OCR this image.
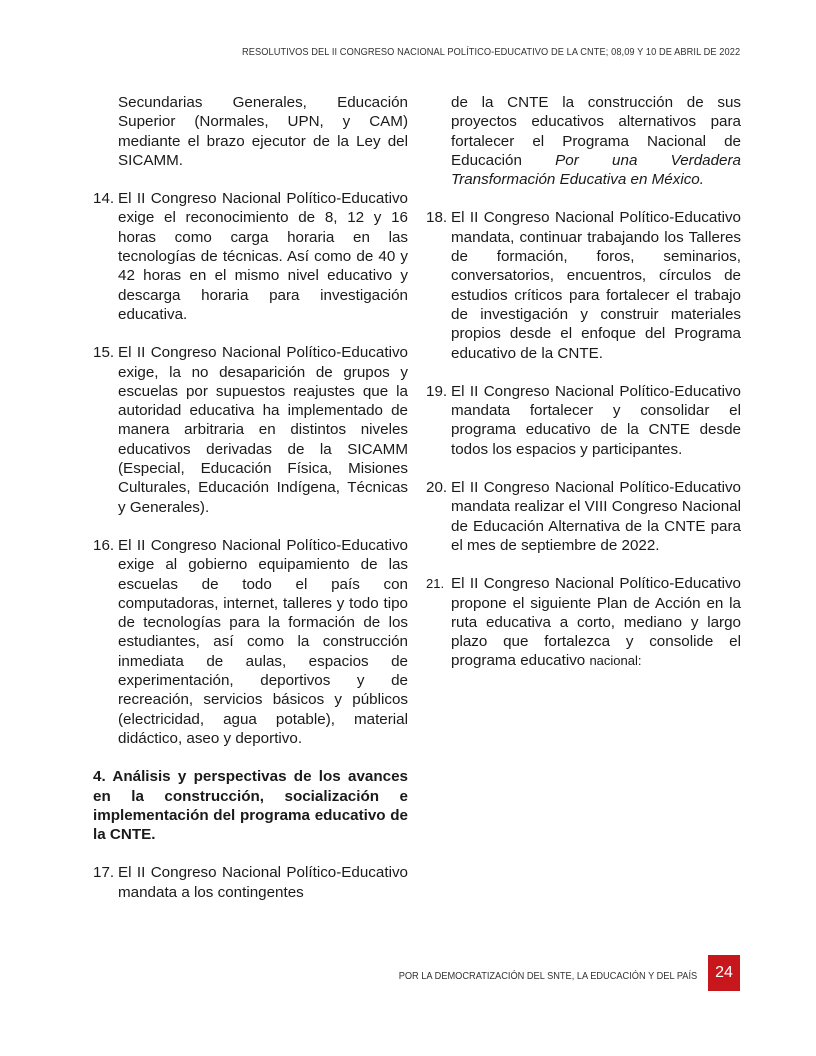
RESOLUTIVOS DEL II CONGRESO NACIONAL POLÍTICO-EDUCATIVO DE LA CNTE; 08,09 Y 10 DE ABRIL DE 2022

Secundarias Generales, Educación Superior (Normales, UPN, y CAM) mediante el brazo ejecutor de la Ley del SICAMM.

14. El II Congreso Nacional Político-Educativo exige el reconocimiento de 8, 12 y 16 horas como carga horaria en las tecnologías de técnicas. Así como de 40 y 42 horas en el mismo nivel educativo y descarga horaria para investigación educativa.

15. El II Congreso Nacional Político-Educativo exige, la no desaparición de grupos y escuelas por supuestos reajustes que la autoridad educativa ha implementado de manera arbitraria en distintos niveles educativos derivadas de la SICAMM (Especial, Educación Física, Misiones Culturales, Educación Indígena, Técnicas y Generales).

16. El II Congreso Nacional Político-Educativo exige al gobierno equipamiento de las escuelas de todo el país con computadoras, internet, talleres y todo tipo de tecnologías para la formación de los estudiantes, así como la construcción inmediata de aulas, espacios de experimentación, deportivos y de recreación, servicios básicos y públicos (electricidad, agua potable), material didáctico, aseo y deportivo.

4. Análisis y perspectivas de los avances en la construcción, socialización e implementación del programa educativo de la CNTE.

17. El II Congreso Nacional Político-Educativo mandata a los contingentes

de la CNTE la construcción de sus proyectos educativos alternativos para fortalecer el Programa Nacional de Educación Por una Verdadera Transformación Educativa en México.

18. El II Congreso Nacional Político-Educativo mandata, continuar trabajando los Talleres de formación, foros, seminarios, conversatorios, encuentros, círculos de estudios críticos para fortalecer el trabajo de investigación y construir materiales propios desde el enfoque del Programa educativo de la CNTE.

19. El II Congreso Nacional Político-Educativo mandata fortalecer y consolidar el programa educativo de la CNTE desde todos los espacios y participantes.

20. El II Congreso Nacional Político-Educativo mandata realizar el VIII Congreso Nacional de Educación Alternativa de la CNTE para el mes de septiembre de 2022.

21. El II Congreso Nacional Político-Educativo propone el siguiente Plan de Acción en la ruta educativa a corto, mediano y largo plazo que fortalezca y consolide el programa educativo nacional:

POR LA DEMOCRATIZACIÓN DEL SNTE, LA EDUCACIÓN Y DEL PAÍS 24
